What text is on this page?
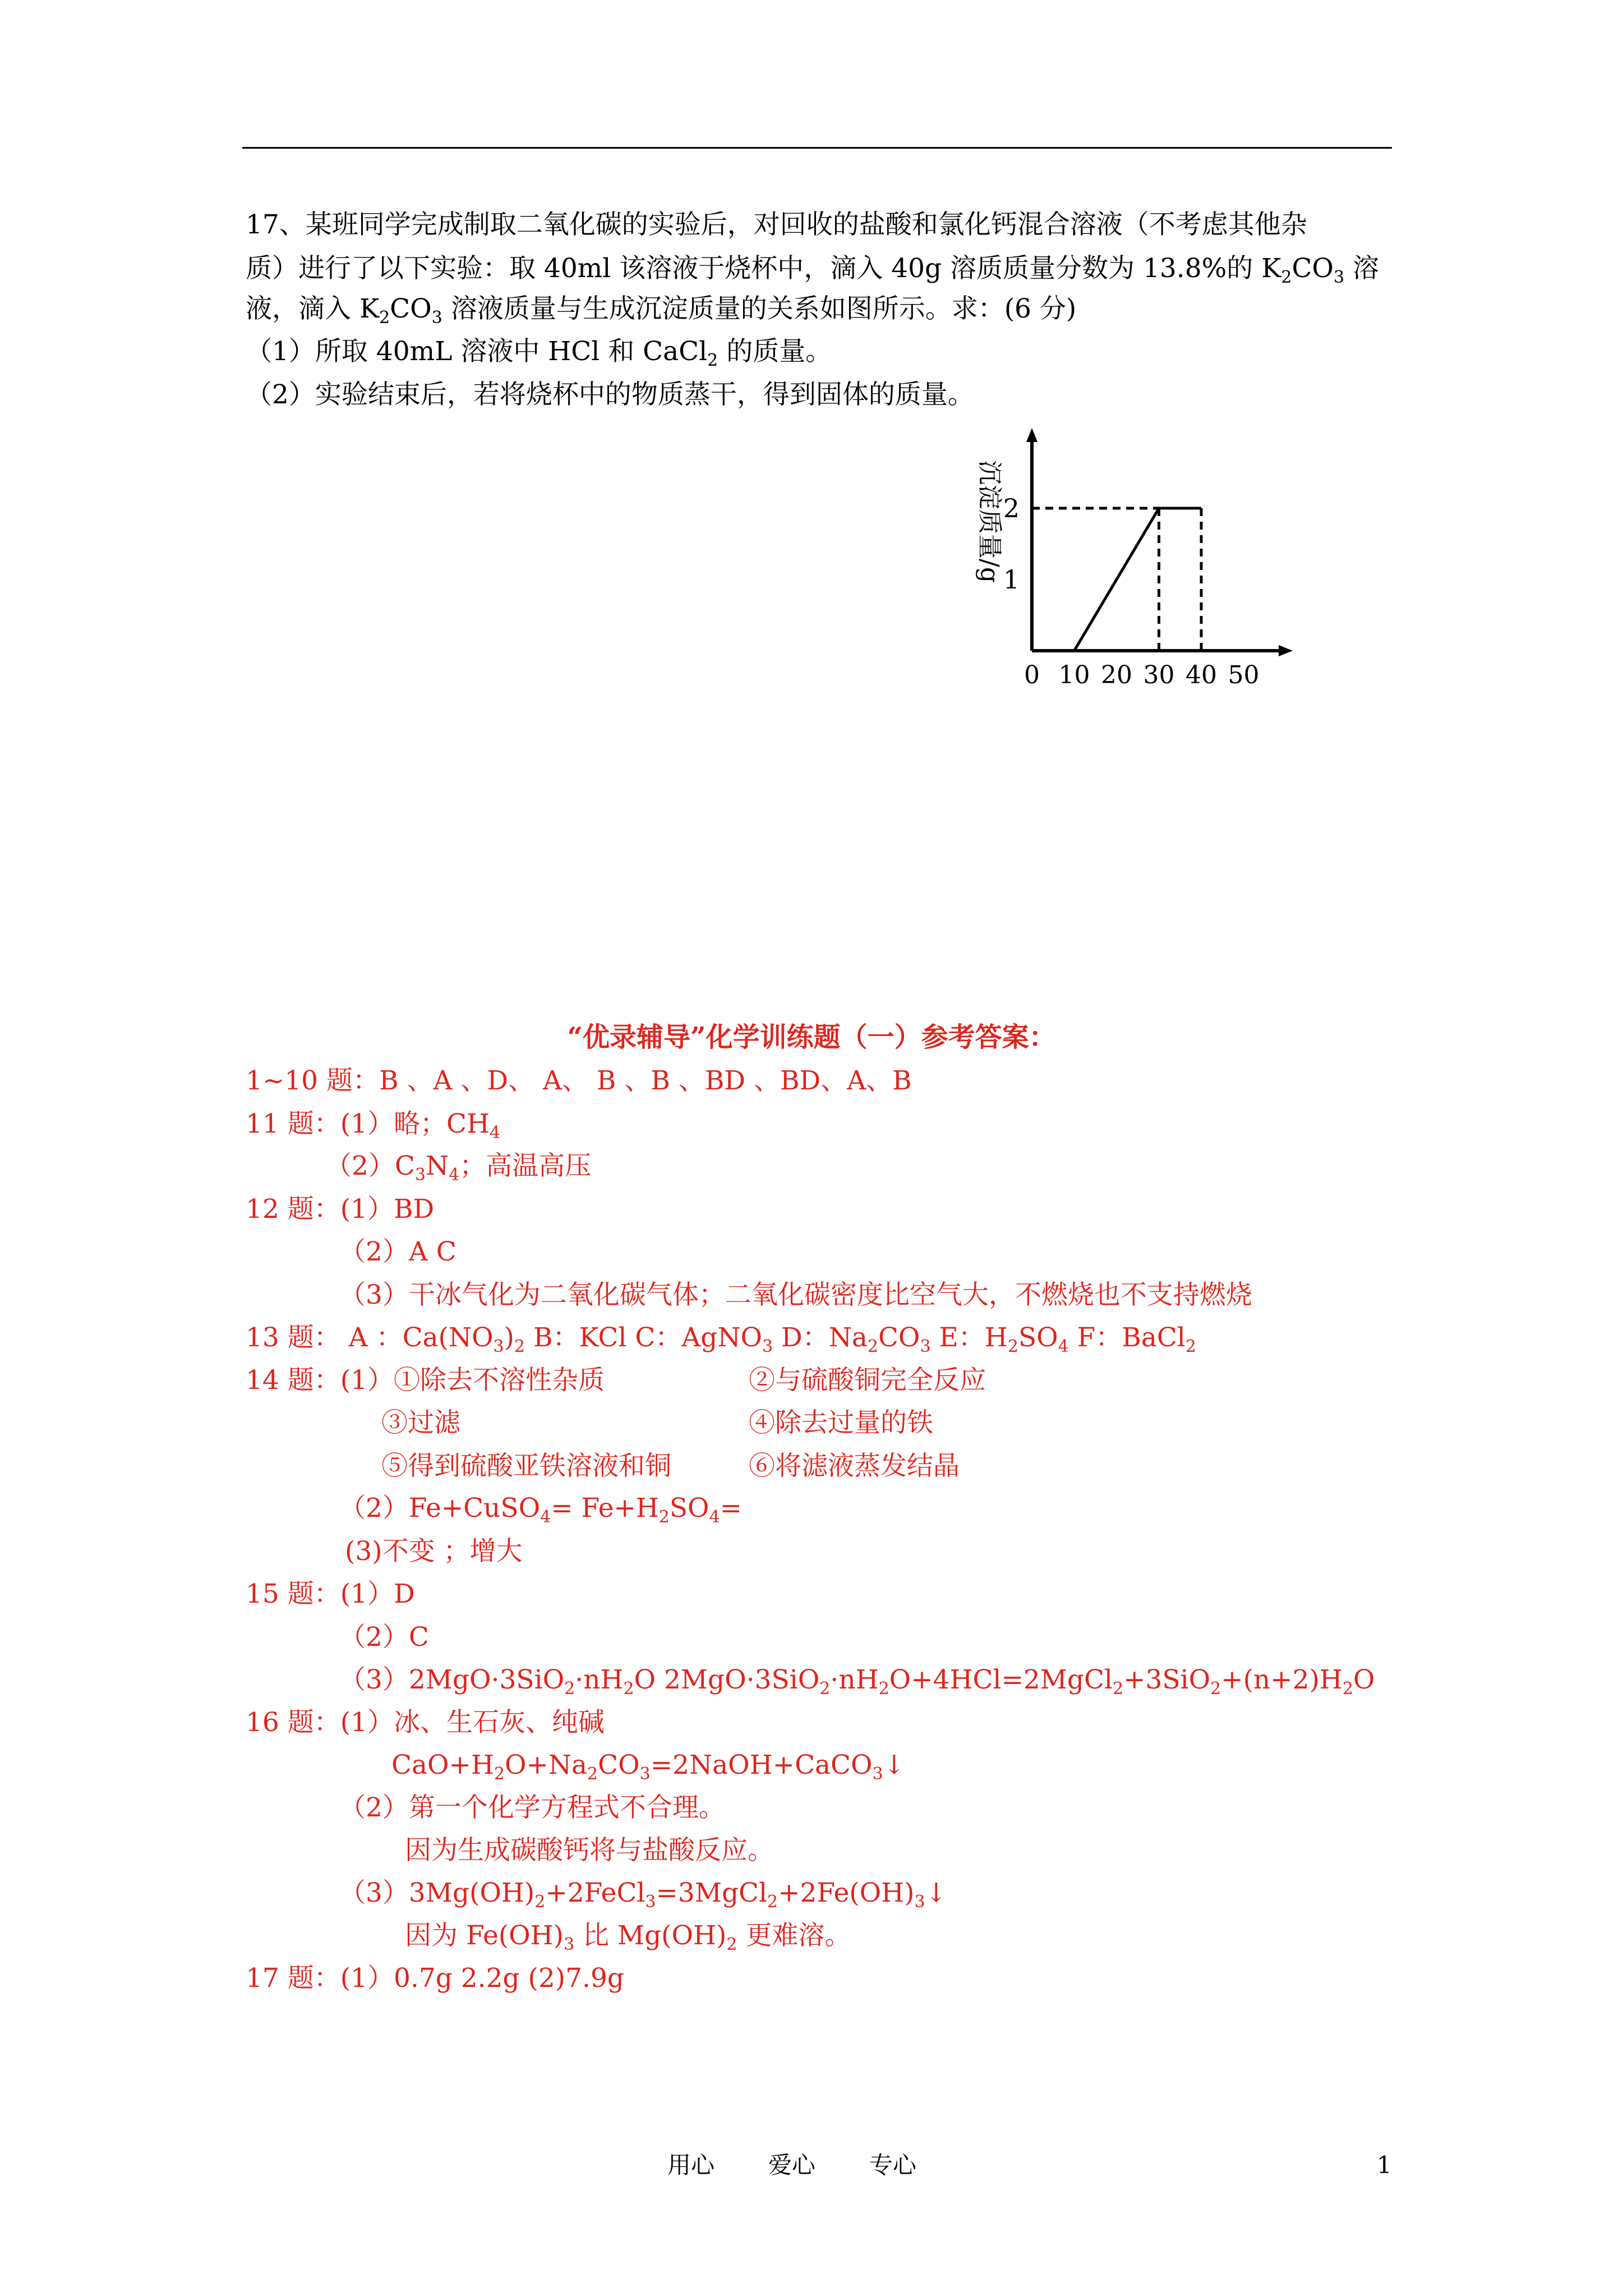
17、某班同学完成制取二氧化碳的实验后，对回收的盐酸和氯化钙混合溶液（不考虑其他杂
质）进行了以下实验：取 40ml 该溶液于烧杯中，滴入 40g 溶质质量分数为 13.8%的 $K_2CO_3$ 溶
液，滴入 $K_2CO_3$ 溶液质量与生成沉淀质量的关系如图所示。求：(6 分)
（1）所取 40mL 溶液中 HCl 和 CaCl$_2$ 的质量。
（2）实验结束后，若将烧杯中的物质蒸干，得到固体的质量。
1
2
0 10 20 30 40 50
沉淀质量/g
“优录辅导”化学训练题（一）参考答案：
1~10 题：B 、A 、D、 A、 B 、B 、BD 、BD、A、B
11 题：(1）略；$CH_4$
$(2)C_3N_4$；高温高压
12 题：(1）BD
（2）A C
（3）干冰气化为二氧化碳气体；二氧化碳密度比空气大，不燃烧也不支持燃烧
13 题： A ：$Ca(NO_3)_2$ B：KCl C：AgNO$_3$ D：$Na_2CO_3$ E：$H_2SO_4$ F：BaCl$_2$
14 题：(1）①除去不溶性杂质	②与硫酸铜完全反应
③过滤	④除去过量的铁
⑤得到硫酸亚铁溶液和铜	⑥将滤液蒸发结晶
（2）Fe+CuSO$_4$= $Fe+H_2SO_4=$
(3)不变 ；增大
15 题：(1）D
（2）C
$(3)2MgO\cdot 3SiO_2\cdot nH_2O$ $2MgO\cdot 3SiO_2\cdot nH_2O+4HCl=2MgCl_2+3SiO_2+(n+2)H_2O$
16 题：(1）冰、生石灰、纯碱
$CaO+H_2O+Na_2CO_3=2NaOH+CaCO_3↓$
（2）第一个化学方程式不合理。
因为生成碳酸钙将与盐酸反应。
$(3)3Mg(OH)_2+2FeCl_3=3MgCl_2+2Fe(OH)_3↓$
因为 $Fe(OH)_3$ 比 $Mg(OH)_2$ 更难溶。
17 题：(1）0.7g 2.2g (2)7.9g
用心 爱心 专心	1
